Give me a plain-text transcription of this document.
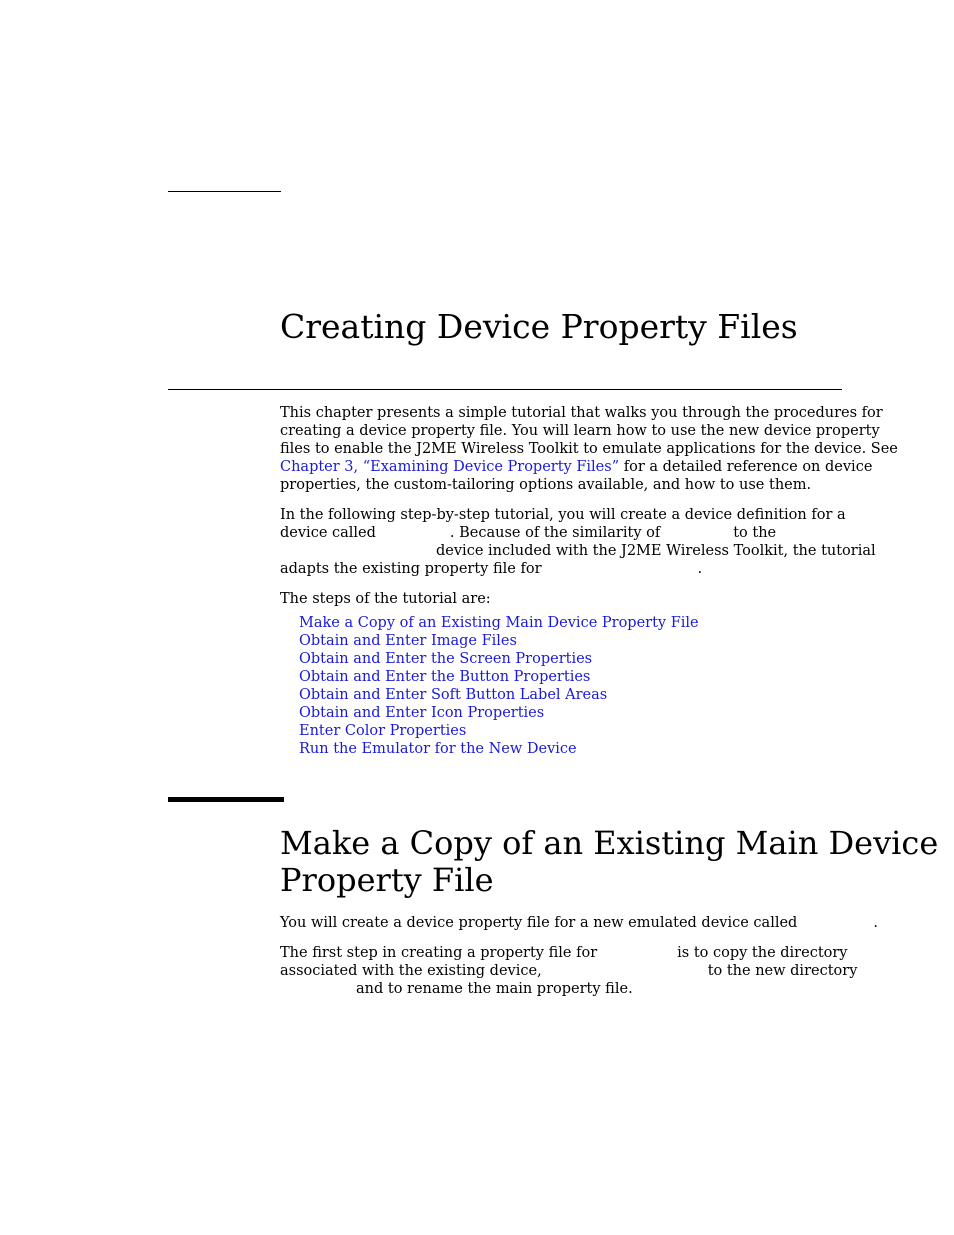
Creating Device Property Files

This chapter presents a simple tutorial that walks you through the procedures for
creating a device property file. You will learn how to use the new device property
files to enable the J2ME Wireless Toolkit to emulate applications for the device. See
Chapter 3, “Examining Device Property Files” for a detailed reference on device
properties, the custom-tailoring options available, and how to use them.

In the following step-by-step tutorial, you will create a device definition for a
device called	. Because of the similarity of	to the
device included with the J2ME Wireless Toolkit, the tutorial
adapts the existing property file for	.

The steps of the tutorial are:

Make a Copy of an Existing Main Device Property File
Obtain and Enter Image Files
Obtain and Enter the Screen Properties
Obtain and Enter the Button Properties
Obtain and Enter Soft Button Label Areas
Obtain and Enter Icon Properties
Enter Color Properties
Run the Emulator for the New Device
Make a Copy of an Existing Main Device
Property File

You will create a device property file for a new emulated device called	.

The first step in creating a property file for	is to copy the directory
associated with the existing device,	to the new directory
and to rename the main property file.
